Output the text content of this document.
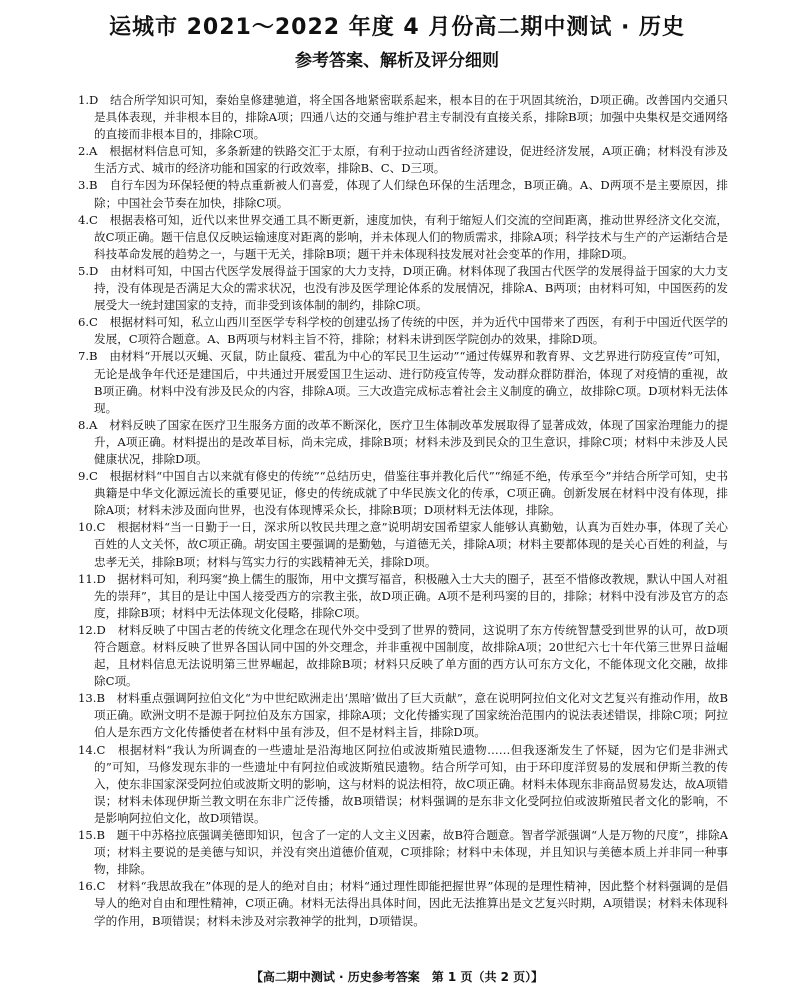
运城市 2021～2022 年度 4 月份高二期中测试 · 历史
参考答案、解析及评分细则
1.D　 结合所学知识可知，秦始皇修建驰道，将全国各地紧密联系起来，根本目的在于巩固其统治，D项正确。改善国内交通只是具体表现，并非根本目的，排除A项；四通八达的交通与维护君主专制没有直接关系，排除B项；加强中央集权是交通网络的直接而非根本目的，排除C项。
2.A　 根据材料信息可知，多条新建的铁路交汇于太原，有利于拉动山西省经济建设，促进经济发展，A项正确；材料没有涉及生活方式、城市的经济功能和国家的行政效率，排除B、C、D三项。
3.B　 自行车因为环保轻便的特点重新被人们喜爱，体现了人们绿色环保的生活理念，B项正确。A、D两项不是主要原因，排除；中国社会节奏在加快，排除C项。
4.C　 根据表格可知，近代以来世界交通工具不断更新，速度加快，有利于缩短人们交流的空间距离，推动世界经济文化交流，故C项正确。题干信息仅反映运输速度对距离的影响，并未体现人们的物质需求，排除A项；科学技术与生产的产运渐结合是科技革命发展的趋势之一，与题干无关，排除B项；题干并未体现科技发展对社会变革的作用，排除D项。
5.D　 由材料可知，中国古代医学发展得益于国家的大力支持，D项正确。材料体现了我国古代医学的发展得益于国家的大力支持，没有体现是否满足大众的需求状况，也没有涉及医学理论体系的发展情况，排除A、B两项；由材料可知，中国医药的发展受大一统封建国家的支持，而非受到该体制的制约，排除C项。
6.C　 根据材料可知，私立山西川至医学专科学校的创建弘扬了传统的中医，并为近代中国带来了西医，有利于中国近代医学的发展，C项符合题意。A、B两项与材料主旨不符，排除；材料未讲到医学院创办的效果，排除D项。
7.B　 由材料“开展以灭蝇、灭鼠，防止鼠疫、霍乱为中心的军民卫生运动”“通过传媒界和教育界、文艺界进行防疫宣传”可知，无论是战争年代还是建国后，中共通过开展爱国卫生运动、进行防疫宣传等，发动群众群防群治，体现了对疫情的重视，故B项正确。材料中没有涉及民众的内容，排除A项。三大改造完成标志着社会主义制度的确立，故排除C项。D项材料无法体现。
8.A　 材料反映了国家在医疗卫生服务方面的改革不断深化，医疗卫生体制改革发展取得了显著成效，体现了国家治理能力的提升，A项正确。材料提出的是改革目标，尚未完成，排除B项；材料未涉及到民众的卫生意识，排除C项；材料中未涉及人民健康状况，排除D项。
9.C　 根据材料“中国自古以来就有修史的传统”“总结历史，借鉴往事并教化后代”“绵延不绝，传承至今”并结合所学可知，史书典籍是中华文化源远流长的重要见证，修史的传统成就了中华民族文化的传承，C项正确。创新发展在材料中没有体现，排除A项；材料未涉及面向世界，也没有体现博采众长，排除B项；D项材料无法体现，排除。
10.C　 根据材料“当一日勤于一日，深求所以牧民共理之意”说明胡安国希望家人能够认真勤勉，认真为百姓办事，体现了关心百姓的人文关怀，故C项正确。胡安国主要强调的是勤勉，与道德无关，排除A项；材料主要都体现的是关心百姓的利益，与忠孝无关，排除B项；材料与笃实力行的实践精神无关，排除D项。
11.D　 据材料可知，利玛窦“换上儒生的服饰，用中文撰写福音，积极融入士大夫的圈子，甚至不惜修改教规，默认中国人对祖先的崇拜”，其目的是让中国人接受西方的宗教主张，故D项正确。A项不是利玛窦的目的，排除；材料中没有涉及官方的态度，排除B项；材料中无法体现文化侵略，排除C项。
12.D　 材料反映了中国古老的传统文化理念在现代外交中受到了世界的赞同，这说明了东方传统智慧受到世界的认可，故D项符合题意。材料反映了世界各国认同中国的外交理念，并非重视中国制度，故排除A项；20世纪六七十年代第三世界日益崛起，且材料信息无法说明第三世界崛起，故排除B项；材料只反映了单方面的西方认可东方文化，不能体现文化交融，故排除C项。
13.B　 材料重点强调阿拉伯文化“为中世纪欧洲走出‘黑暗’做出了巨大贡献”，意在说明阿拉伯文化对文艺复兴有推动作用，故B项正确。欧洲文明不是源于阿拉伯及东方国家，排除A项；文化传播实现了国家统治范围内的说法表述错误，排除C项；阿拉伯人是东西方文化传播使者在材料中虽有涉及，但不是材料主旨，排除D项。
14.C　 根据材料“我认为所调查的一些遗址是沿海地区阿拉伯或波斯殖民遗物……但我逐渐发生了怀疑，因为它们是非洲式的”可知，马修发现东非的一些遗址中有阿拉伯或波斯殖民遗物。结合所学可知，由于环印度洋贸易的发展和伊斯兰教的传入，使东非国家深受阿拉伯或波斯文明的影响，这与材料的说法相符，故C项正确。材料未体现东非商品贸易发达，故A项错误；材料未体现伊斯兰教文明在东非广泛传播，故B项错误；材料强调的是东非文化受阿拉伯或波斯殖民者文化的影响，不是影响阿拉伯文化，故D项错误。
15.B　 题干中苏格拉底强调美德即知识，包含了一定的人文主义因素，故B符合题意。智者学派强调“人是万物的尺度”，排除A项；材料主要说的是美德与知识，并没有突出道德价值观，C项排除；材料中未体现，并且知识与美德本质上并非同一种事物，排除。
16.C　 材料“我思故我在”体现的是人的绝对自由；材料“通过理性即能把握世界”体现的是理性精神，因此整个材料强调的是倡导人的绝对自由和理性精神，C项正确。材料无法得出具体时间，因此无法推算出是文艺复兴时期，A项错误；材料未体现科学的作用，B项错误；材料未涉及对宗教神学的批判，D项错误。
【高二期中测试 · 历史参考答案　第 1 页（共 2 页）】
